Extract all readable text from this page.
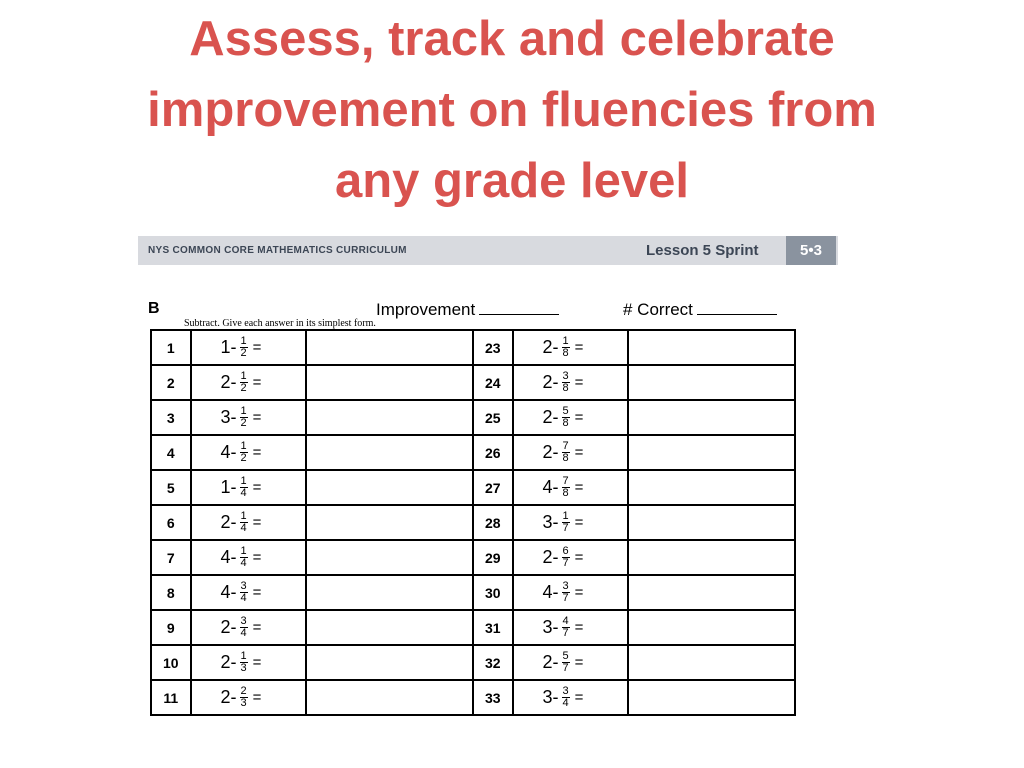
Assess, track and celebrate
improvement on fluencies from
any grade level
NYS COMMON CORE MATHEMATICS CURRICULUM	Lesson 5 Sprint	5•3
B	Improvement	# Correct
Subtract. Give each answer in its simplest form.
1	$1 - \frac{1}{2}$ =		23	$2 - \frac{1}{8}$ =	

2	$2 - \frac{1}{2}$ =		24	$2 - \frac{3}{8}$ =	

3	$3 - \frac{1}{2}$ =		25	$2 - \frac{5}{8}$ =	

4	$4 - \frac{1}{2}$ =		26	$2 - \frac{7}{8}$ =	

5	$1 - \frac{1}{4}$ =		27	$4 - \frac{7}{8}$ =	

6	$2 - \frac{1}{4}$ =		28	$3 - \frac{1}{7}$ =	

7	$4 - \frac{1}{4}$ =		29	$2 - \frac{6}{7}$ =	

8	$4 - \frac{3}{4}$ =		30	$4 - \frac{3}{7}$ =	

9	$2 - \frac{3}{4}$ =		31	$3 - \frac{4}{7}$ =	

10	$2 - \frac{1}{3}$ =		32	$2 - \frac{5}{7}$ =	

11	$2 - \frac{2}{3}$ =		33	$3 - \frac{3}{4}$ =	
